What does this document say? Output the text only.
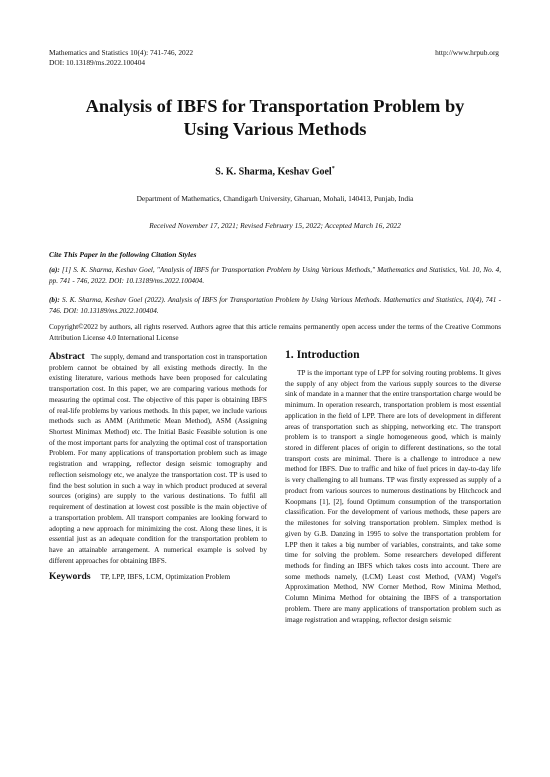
Mathematics and Statistics 10(4): 741-746, 2022
DOI: 10.13189/ms.2022.100404
http://www.hrpub.org
Analysis of IBFS for Transportation Problem by
Using Various Methods
S. K. Sharma, Keshav Goel*
Department of Mathematics, Chandigarh University, Gharuan, Mohali, 140413, Punjab, India
Received November 17, 2021; Revised February 15, 2022; Accepted March 16, 2022
Cite This Paper in the following Citation Styles
(a): [1] S. K. Sharma, Keshav Goel, "Analysis of IBFS for Transportation Problem by Using Various Methods," Mathematics and Statistics, Vol. 10, No. 4, pp. 741 - 746, 2022. DOI: 10.13189/ms.2022.100404.
(b): S. K. Sharma, Keshav Goel (2022). Analysis of IBFS for Transportation Problem by Using Various Methods. Mathematics and Statistics, 10(4), 741 - 746. DOI: 10.13189/ms.2022.100404.
Copyright©2022 by authors, all rights reserved. Authors agree that this article remains permanently open access under the terms of the Creative Commons Attribution License 4.0 International License
Abstract The supply, demand and transportation cost in transportation problem cannot be obtained by all existing methods directly. In the existing literature, various methods have been proposed for calculating transportation cost. In this paper, we are comparing various methods for measuring the optimal cost. The objective of this paper is obtaining IBFS of real-life problems by various methods. In this paper, we include various methods such as AMM (Arithmetic Mean Method), ASM (Assigning Shortest Minimax Method) etc. The Initial Basic Feasible solution is one of the most important parts for analyzing the optimal cost of transportation Problem. For many applications of transportation problem such as image registration and wrapping, reflector design seismic tomography and reflection seismology etc, we analyze the transportation cost. TP is used to find the best solution in such a way in which product produced at several sources (origins) are supply to the various destinations. To fulfil all requirement of destination at lowest cost possible is the main objective of a transportation problem. All transport companies are looking forward to adopting a new approach for minimizing the cost. Along these lines, it is essential just as an adequate condition for the transportation problem to have an attainable arrangement. A numerical example is solved by different approaches for obtaining IBFS.
Keywords TP, LPP, IBFS, LCM, Optimization Problem
1. Introduction
TP is the important type of LPP for solving routing problems. It gives the supply of any object from the various supply sources to the diverse sink of mandate in a manner that the entire transportation charge would be minimum. In operation research, transportation problem is most essential application in the field of LPP. There are lots of development in different areas of transportation such as shipping, networking etc. The transport problem is to transport a single homogeneous good, which is mainly stored in different places of origin to different destinations, so the total transport costs are minimal. There is a challenge to introduce a new method for IBFS. Due to traffic and hike of fuel prices in day-to-day life is very challenging to all humans. TP was firstly expressed as supply of a product from various sources to numerous destinations by Hitchcock and Koopmans [1], [2], found Optimum consumption of the transportation classification. For the development of various methods, these papers are the milestones for solving transportation problem. Simplex method is given by G.B. Danzing in 1995 to solve the transportation problem for LPP then it takes a big number of variables, constraints, and take some time for solving the problem. Some researchers developed different methods for finding an IBFS which takes costs into account. There are some methods namely, (LCM) Least cost Method, (VAM) Vogel's Approximation Method, NW Corner Method, Row Minima Method, Column Minima Method for obtaining the IBFS of a transportation problem. There are many applications of transportation problem such as image registration and wrapping, reflector design seismic
